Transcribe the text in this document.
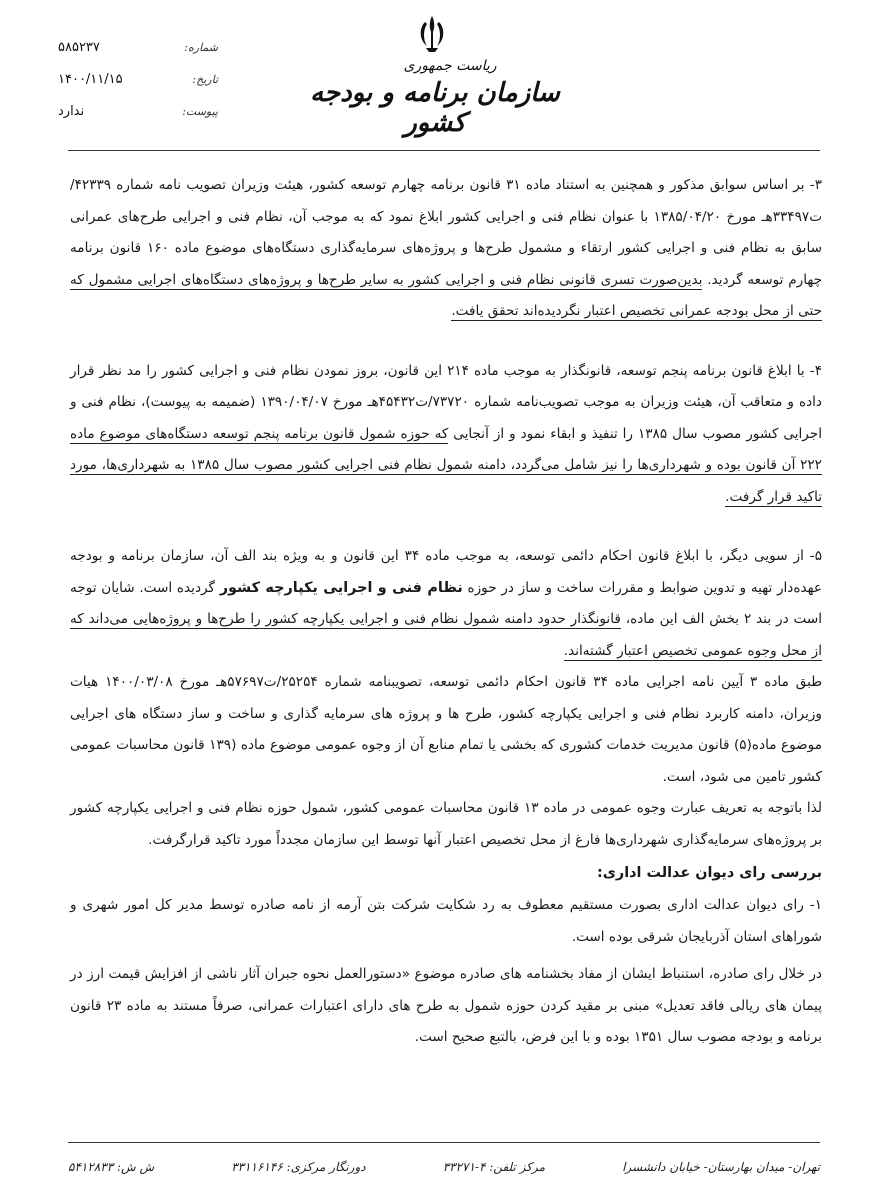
شماره:
۵۸۵۲۳۷
تاریخ:
۱۴۰۰/۱۱/۱۵
پیوست:
ندارد
ریاست جمهوری
سازمان برنامه و بودجه کشور

۳- بر اساس سوابق مذکور و همچنین به استناد ماده ۳۱ قانون برنامه چهارم توسعه کشور، هیئت وزیران تصویب نامه شماره ۴۲۳۳۹/ت۳۳۴۹۷هـ مورخ ۱۳۸۵/۰۴/۲۰ با عنوان نظام فنی و اجرایی کشور ابلاغ نمود که به موجب آن، نظام فنی و اجرایی طرح‌های عمرانی سابق به نظام فنی و اجرایی کشور ارتقاء و مشمول طرح‌ها و پروژه‌های سرمایه‌گذاری دستگاه‌های موضوع ماده ۱۶۰ قانون برنامه چهارم توسعه گردید. بدین‌صورت تسری قانونی نظام فنی و اجرایی کشور به سایر طرح‌ها و پروژه‌های دستگاه‌های اجرایی مشمول که حتی از محل بودجه عمرانی تخصیص اعتبار نگردیده‌اند تحقق یافت.

۴- با ابلاغ قانون برنامه پنجم توسعه، قانونگذار به موجب ماده ۲۱۴ این قانون، بروز نمودن نظام فنی و اجرایی کشور را مد نظر قرار داده و متعاقب آن، هیئت وزیران به موجب تصویب‌نامه شماره ۷۳۷۲۰/ت۴۵۴۳۲هـ مورخ ۱۳۹۰/۰۴/۰۷ (ضمیمه به پیوست)، نظام فنی و اجرایی کشور مصوب سال ۱۳۸۵ را تنفیذ و ابقاء نمود و از آنجایی که حوزه شمول قانون برنامه پنجم توسعه دستگاه‌های موضوع ماده ۲۲۲ آن قانون بوده و شهرداری‌ها را نیز شامل می‌گردد، دامنه شمول نظام فنی اجرایی کشور مصوب سال ۱۳۸۵ به شهرداری‌ها، مورد تاکید قرار گرفت.

۵- از سویی دیگر، با ابلاغ قانون احکام دائمی توسعه، به موجب ماده ۳۴ این قانون و به ویژه بند الف آن، سازمان برنامه و بودجه عهده‌دار تهیه و تدوین ضوابط و مقررات ساخت و ساز در حوزه نظام فنی و اجرایی یکپارچه کشور گردیده است. شایان توجه است در بند ۲ بخش الف این ماده، قانونگذار حدود دامنه شمول نظام فنی و اجرایی یکپارچه کشور را طرح‌ها و پروژه‌هایی می‌داند که از محل وجوه عمومی تخصیص اعتبار گشته‌اند.

طبق ماده ۳ آیین نامه اجرایی ماده ۳۴ قانون احکام دائمی توسعه، تصویبنامه شماره ۲۵۲۵۴/ت۵۷۶۹۷هـ مورخ ۱۴۰۰/۰۳/۰۸ هیات وزیران، دامنه کاربرد نظام فنی و اجرایی یکپارچه کشور، طرح ها و پروژه های سرمایه گذاری و ساخت و ساز دستگاه های اجرایی موضوع ماده(۵) قانون مدیریت خدمات کشوری که بخشی یا تمام منابع آن از وجوه عمومی موضوع ماده (۱۳۹ قانون محاسبات عمومی کشور تامین می شود، است.

لذا باتوجه به تعریف عبارت وجوه عمومی در ماده ۱۳ قانون محاسبات عمومی کشور، شمول حوزه نظام فنی و اجرایی یکپارچه کشور بر پروژه‌های سرمایه‌گذاری شهرداری‌ها فارغ از محل تخصیص اعتبار آنها توسط این سازمان مجدداً مورد تاکید قرارگرفت.

بررسی رای دیوان عدالت اداری:

۱- رای دیوان عدالت اداری بصورت مستقیم معطوف به رد شکایت شرکت بتن آرمه از نامه صادره توسط مدیر کل امور شهری و شوراهای استان آذربایجان شرقی بوده است.

در خلال رای صادره، استنباط ایشان از مفاد بخشنامه های صادره موضوع «دستورالعمل نحوه جبران آثار ناشی از افزایش قیمت ارز در پیمان های ریالی فاقد تعدیل» مبنی بر مقید کردن حوزه شمول به طرح های دارای اعتبارات عمرانی، صرفاً مستند به ماده ۲۳ قانون برنامه و بودجه مصوب سال ۱۳۵۱ بوده و با این فرض، بالتبع صحیح است.

تهران- میدان بهارستان- خیابان دانشسرا
مرکز تلفن: ۴-۳۳۲۷۱
دورنگار مرکزی: ۳۳۱۱۶۱۴۶
ش ش: ۵۴۱۲۸۳۳
